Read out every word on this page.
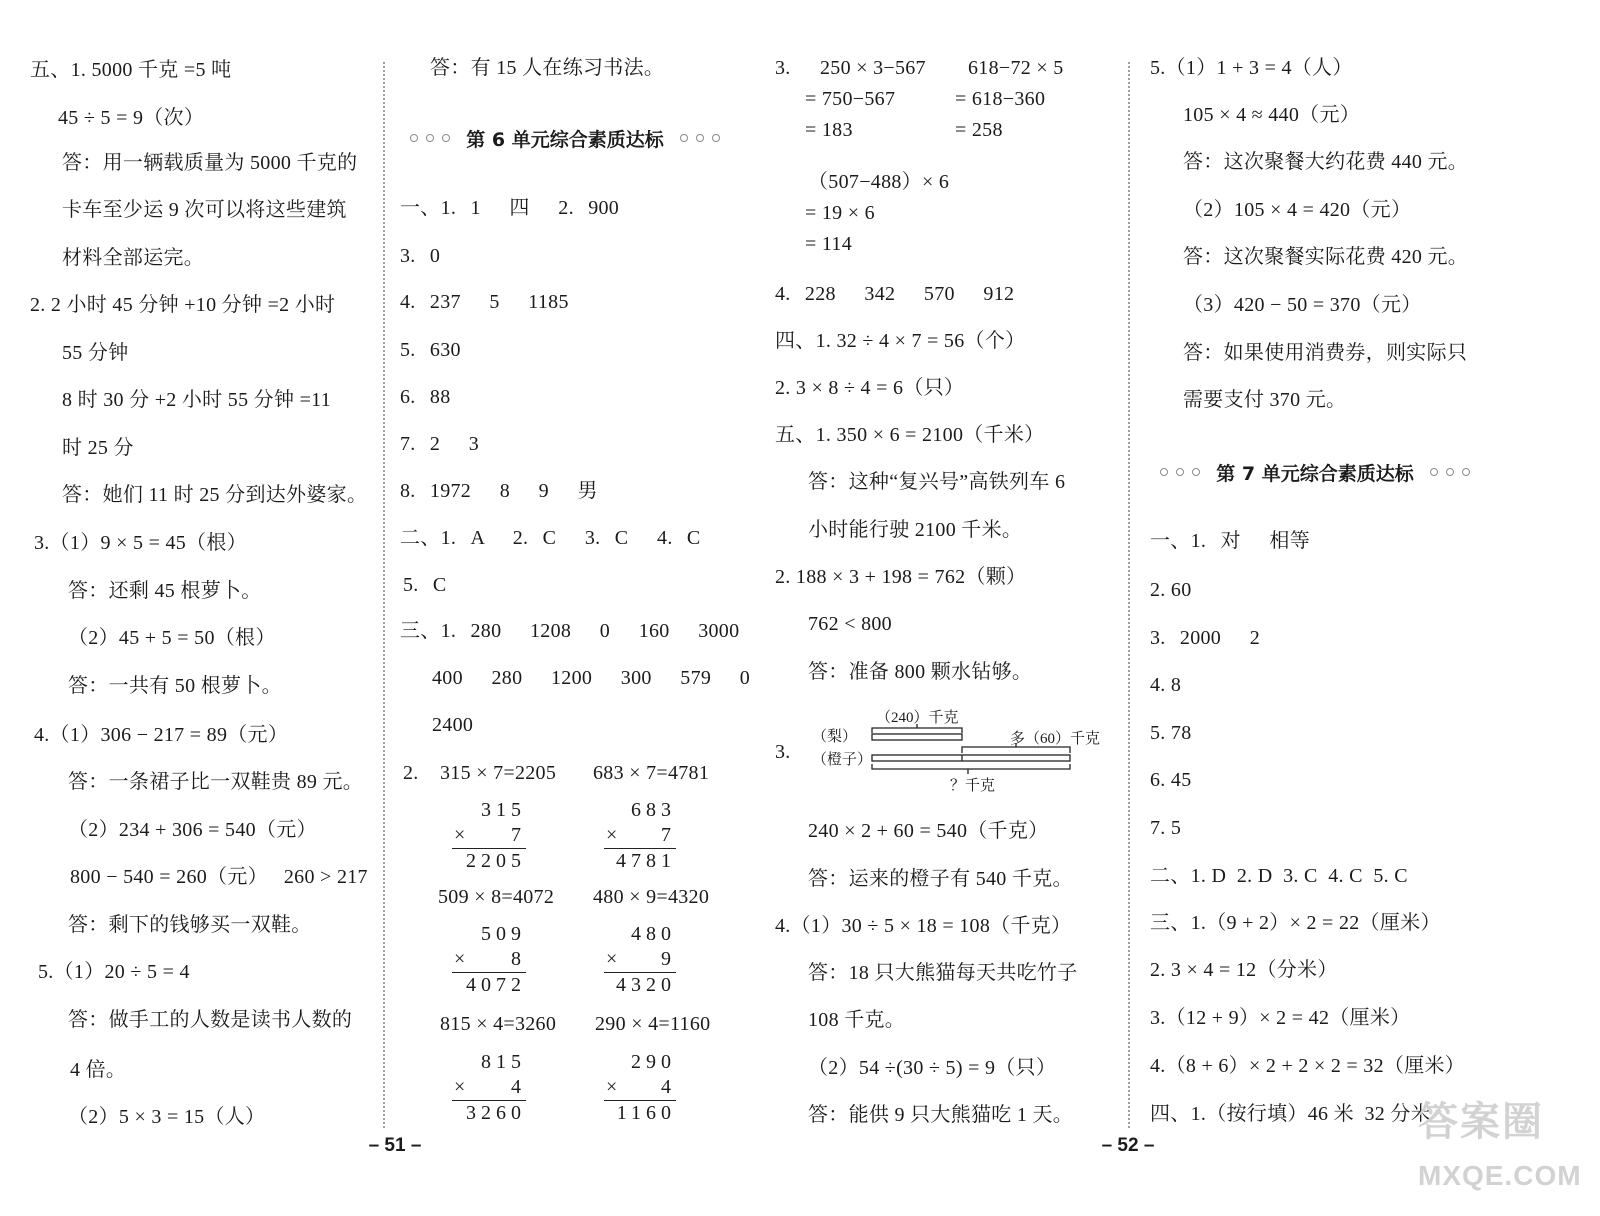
五、1. 5000 千克 =5 吨
45 ÷ 5 = 9（次）
答：用一辆载质量为 5000 千克的
卡车至少运 9 次可以将这些建筑
材料全部运完。
2. 2 小时 45 分钟 +10 分钟 =2 小时
55 分钟
8 时 30 分 +2 小时 55 分钟 =11
时 25 分
答：她们 11 时 25 分到达外婆家。
3.（1）9 × 5 = 45（根）
答：还剩 45 根萝卜。
（2）45 + 5 = 50（根）
答：一共有 50 根萝卜。
4.（1）306 − 217 = 89（元）
答：一条裙子比一双鞋贵 89 元。
（2）234 + 306 = 540（元）
800 − 540 = 260（元）   260 > 217
答：剩下的钱够买一双鞋。
5.（1）20 ÷ 5 = 4
答：做手工的人数是读书人数的
4 倍。
（2）5 × 3 = 15（人）
答：有 15 人在练习书法。
第 6 单元综合素质达标
一、1. 1  四  2. 900
3. 0
4. 237  5  1185
5. 630
6. 88
7. 2  3
8. 1972  8  9  男
二、1. A  2. C  3. C  4. C
5. C
三、1. 280  1208  0  160  3000
400  280  1200  300  579  0
2400
2. 315 × 7=2205 683 × 7=4781
315
× 7
2205
683
× 7
4781
509 × 8=4072 480 × 9=4320
509
× 8
4072
480
× 9
4320
815 × 4=3260 290 × 4=1160
815
× 4
3260
290
× 4
1160
– 51 –
3. 250 × 3−567 618−72 × 5
= 750−567	= 618−360
= 183	= 258
（507−488）× 6
= 19 × 6
= 114
4. 228  342  570  912
四、1. 32 ÷ 4 × 7 = 56（个）
2. 3 × 8 ÷ 4 = 6（只）
五、1. 350 × 6 = 2100（千米）
答：这种“复兴号”高铁列车 6
小时能行驶 2100 千米。
2. 188 × 3 + 198 = 762（颗）
762 < 800
答：准备 800 颗水钻够。
3.
（梨）
（橙子）
（240）千克
多（60）千克
？千克
240 × 2 + 60 = 540（千克）
答：运来的橙子有 540 千克。
4.（1）30 ÷ 5 × 18 = 108（千克）
答：18 只大熊猫每天共吃竹子
108 千克。
（2）54 ÷(30 ÷ 5) = 9（只）
答：能供 9 只大熊猫吃 1 天。
– 52 –
5.（1）1 + 3 = 4（人）
105 × 4 ≈ 440（元）
答：这次聚餐大约花费 440 元。
（2）105 × 4 = 420（元）
答：这次聚餐实际花费 420 元。
（3）420 − 50 = 370（元）
答：如果使用消费券，则实际只
需要支付 370 元。
第 7 单元综合素质达标
一、1. 对  相等
2. 60
3. 2000  2
4. 8
5. 78
6. 45
7. 5
二、1. D  2. D  3. C  4. C  5. C
三、1.（9 + 2）× 2 = 22（厘米）
2. 3 × 4 = 12（分米）
3.（12 + 9）× 2 = 42（厘米）
4.（8 + 6）× 2 + 2 × 2 = 32（厘米）
四、1.（按行填）46 米  32 分米
答案圈
MXQE.COM
